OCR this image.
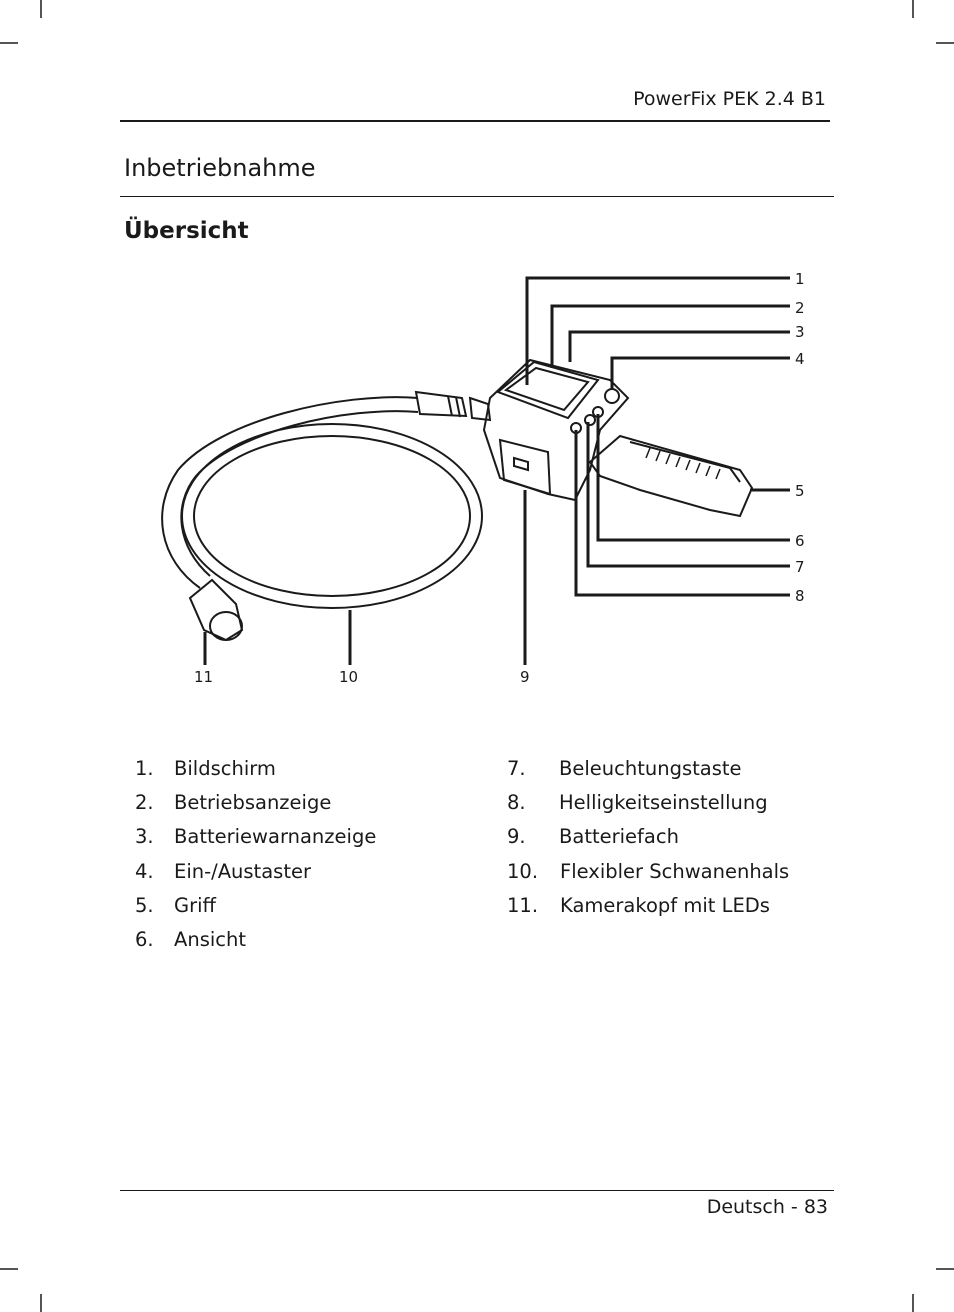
PowerFix PEK 2.4 B1
Inbetriebnahme
Übersicht
1
2
3
4
5
6
7
8
9
10
11
1. Bildschirm
2. Betriebsanzeige
3. Batteriewarnanzeige
4. Ein-/Austaster
5. Griff
6. Ansicht
7. Beleuchtungstaste
8. Helligkeitseinstellung
9. Batteriefach
10. Flexibler Schwanenhals
11. Kamerakopf mit LEDs
Deutsch - 83
